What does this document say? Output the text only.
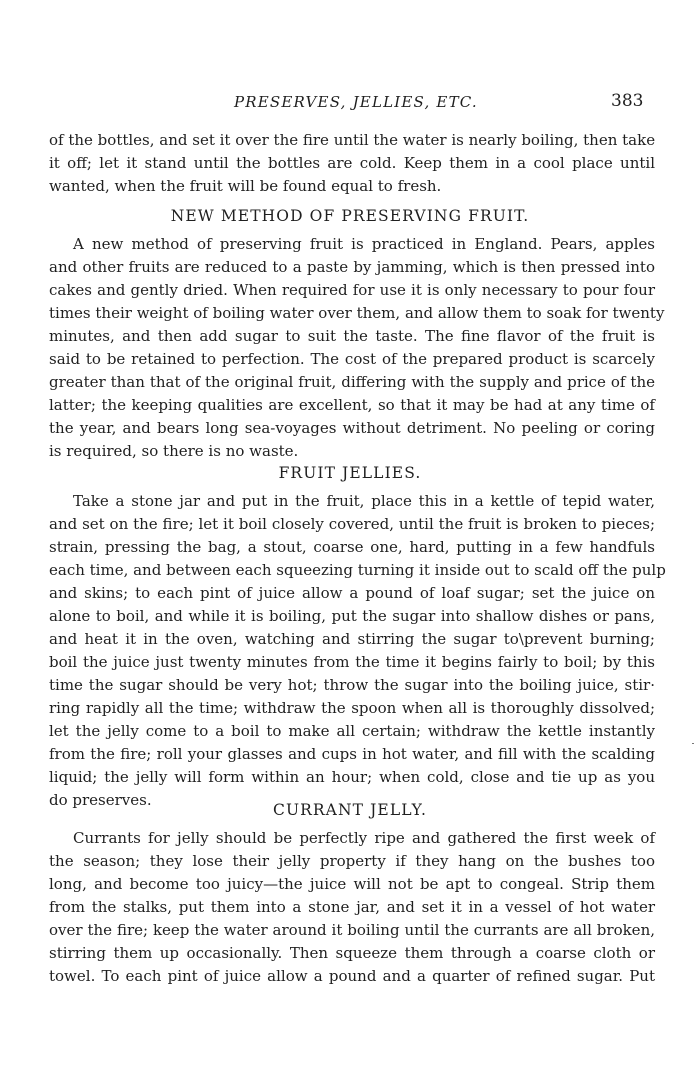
PRESERVES, JELLIES, ETC.	383
of the bottles, and set it over the fire until the water is nearly boiling, then take
it off; let it stand until the bottles are cold. Keep them in a cool place until
wanted, when the fruit will be found equal to fresh.
NEW METHOD OF PRESERVING FRUIT.
A new method of preserving fruit is practiced in England. Pears, apples
and other fruits are reduced to a paste by jamming, which is then pressed into
cakes and gently dried. When required for use it is only necessary to pour four
times their weight of boiling water over them, and allow them to soak for twenty
minutes, and then add sugar to suit the taste. The fine flavor of the fruit is
said to be retained to perfection. The cost of the prepared product is scarcely
greater than that of the original fruit, differing with the supply and price of the
latter; the keeping qualities are excellent, so that it may be had at any time of
the year, and bears long sea-voyages without detriment. No peeling or coring
is required, so there is no waste.
FRUIT JELLIES.
Take a stone jar and put in the fruit, place this in a kettle of tepid water,
and set on the fire; let it boil closely covered, until the fruit is broken to pieces;
strain, pressing the bag, a stout, coarse one, hard, putting in a few handfuls
each time, and between each squeezing turning it inside out to scald off the pulp
and skins; to each pint of juice allow a pound of loaf sugar; set the juice on
alone to boil, and while it is boiling, put the sugar into shallow dishes or pans,
and heat it in the oven, watching and stirring the sugar to\prevent burning;
boil the juice just twenty minutes from the time it begins fairly to boil; by this
time the sugar should be very hot; throw the sugar into the boiling juice, stir·
ring rapidly all the time; withdraw the spoon when all is thoroughly dissolved;
let the jelly come to a boil to make all certain; withdraw the kettle instantly
from the fire; roll your glasses and cups in hot water, and fill with the scalding
liquid; the jelly will form within an hour; when cold, close and tie up as you
do preserves.
CURRANT JELLY.
Currants for jelly should be perfectly ripe and gathered the first week of
the season; they lose their jelly property if they hang on the bushes too
long, and become too juicy—the juice will not be apt to congeal. Strip them
from the stalks, put them into a stone jar, and set it in a vessel of hot water
over the fire; keep the water around it boiling until the currants are all broken,
stirring them up occasionally. Then squeeze them through a coarse cloth or
towel. To each pint of juice allow a pound and a quarter of refined sugar. Put
